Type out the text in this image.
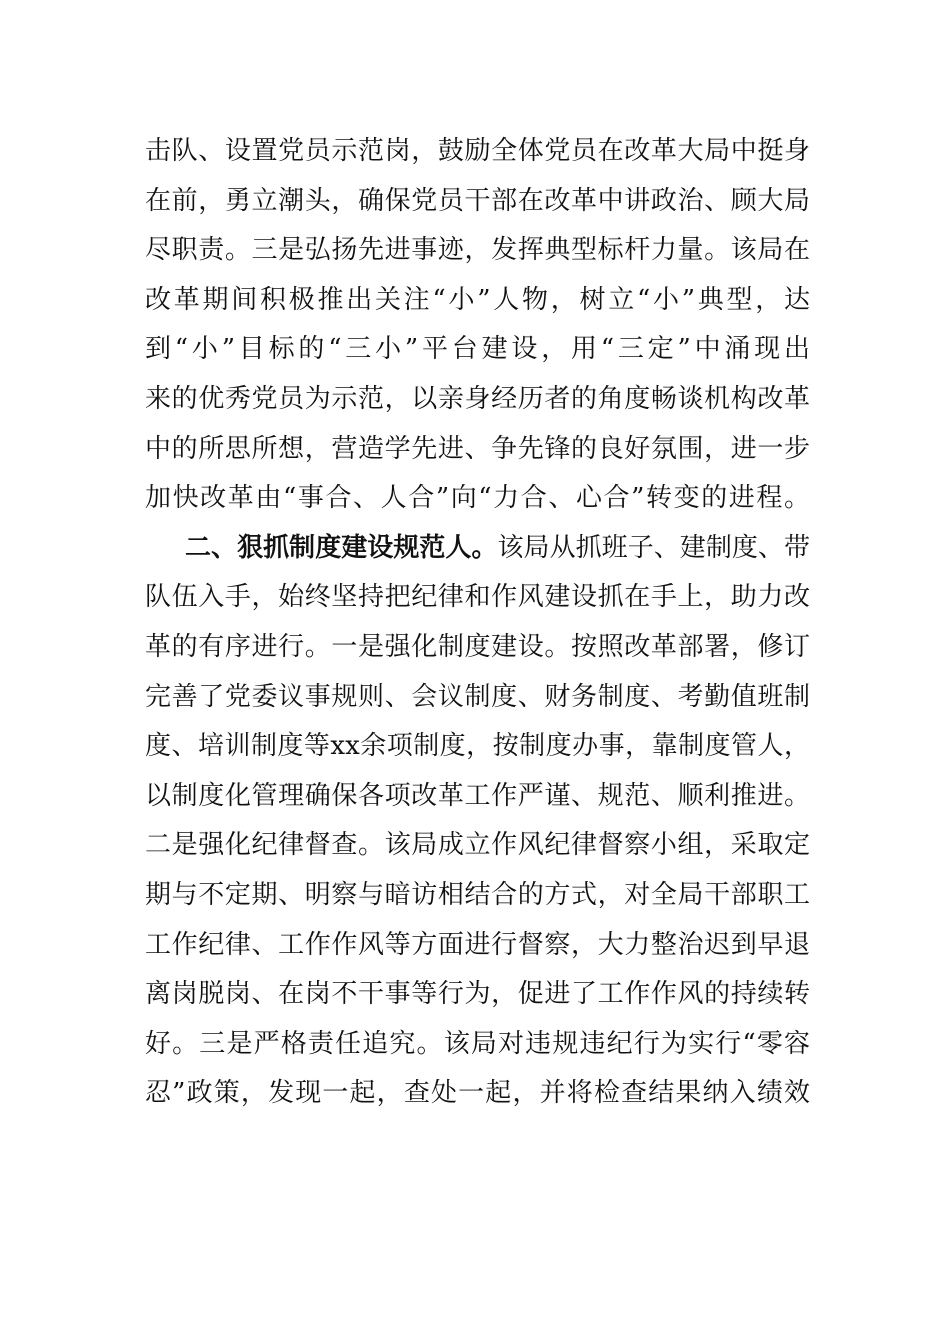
击队、设置党员示范岗，鼓励全体党员在改革大局中挺身
在前，勇立潮头，确保党员干部在改革中讲政治、顾大局
尽职责。三是弘扬先进事迹，发挥典型标杆力量。该局在
改革期间积极推出关注“小”人物，树立“小”典型，达
到“小”目标的“三小”平台建设，用“三定”中涌现出
来的优秀党员为示范，以亲身经历者的角度畅谈机构改革
中的所思所想，营造学先进、争先锋的良好氛围，进一步
加快改革由“事合、人合”向“力合、心合”转变的进程。
二、狠抓制度建设规范人。该局从抓班子、建制度、带
队伍入手，始终坚持把纪律和作风建设抓在手上，助力改
革的有序进行。一是强化制度建设。按照改革部署，修订
完善了党委议事规则、会议制度、财务制度、考勤值班制
度、培训制度等xx余项制度，按制度办事，靠制度管人，
以制度化管理确保各项改革工作严谨、规范、顺利推进。
二是强化纪律督查。该局成立作风纪律督察小组，采取定
期与不定期、明察与暗访相结合的方式，对全局干部职工
工作纪律、工作作风等方面进行督察，大力整治迟到早退
离岗脱岗、在岗不干事等行为，促进了工作作风的持续转
好。三是严格责任追究。该局对违规违纪行为实行“零容
忍”政策，发现一起，查处一起，并将检查结果纳入绩效
